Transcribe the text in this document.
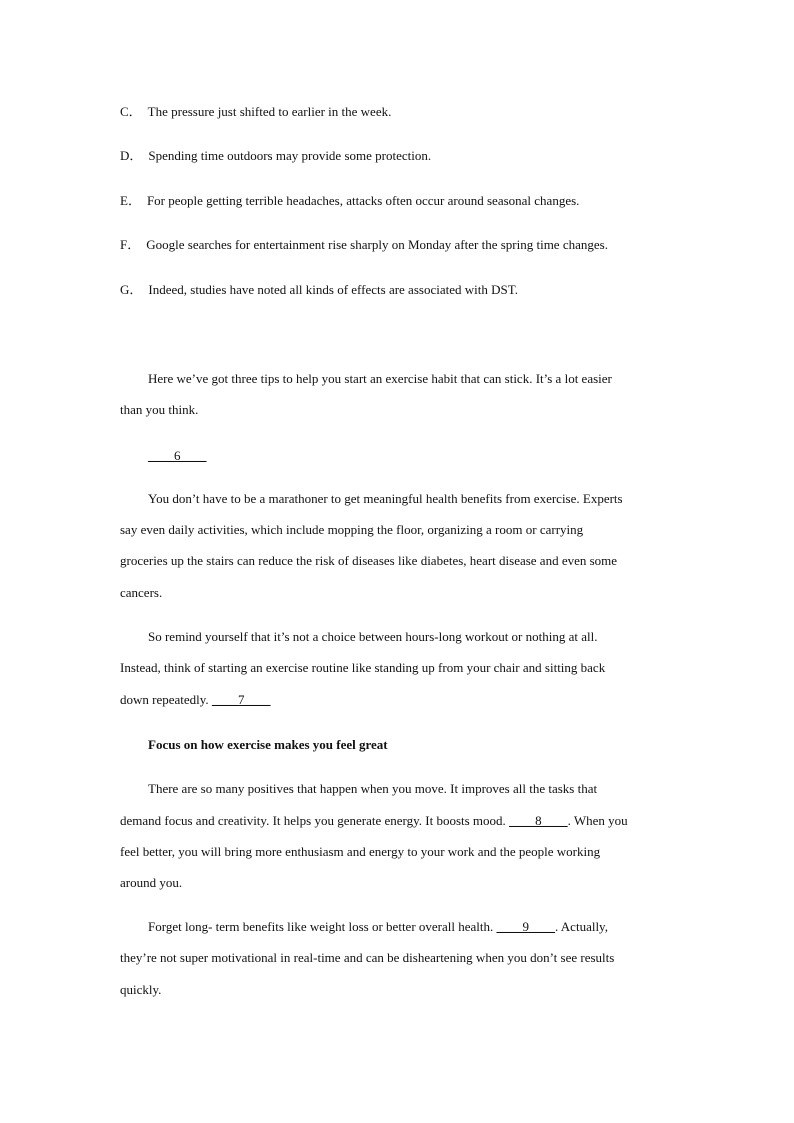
C． The pressure just shifted to earlier in the week.
D． Spending time outdoors may provide some protection.
E． For people getting terrible headaches, attacks often occur around seasonal changes.
F． Google searches for entertainment rise sharply on Monday after the spring time changes.
G． Indeed, studies have noted all kinds of effects are associated with DST.
Here we’ve got three tips to help you start an exercise habit that can stick. It’s a lot easier
than you think.
____6____
You don’t have to be a marathoner to get meaningful health benefits from exercise. Experts
say even daily activities, which include mopping the floor, organizing a room or carrying
groceries up the stairs can reduce the risk of diseases like diabetes, heart disease and even some
cancers.
So remind yourself that it’s not a choice between hours-long workout or nothing at all.
Instead, think of starting an exercise routine like standing up from your chair and sitting back
down repeatedly. ____7____
Focus on how exercise makes you feel great
There are so many positives that happen when you move. It improves all the tasks that
demand focus and creativity. It helps you generate energy. It boosts mood. ____8____. When you
feel better, you will bring more enthusiasm and energy to your work and the people working
around you.
Forget long- term benefits like weight loss or better overall health. ____9____. Actually,
they’re not super motivational in real-time and can be disheartening when you don’t see results
quickly.
